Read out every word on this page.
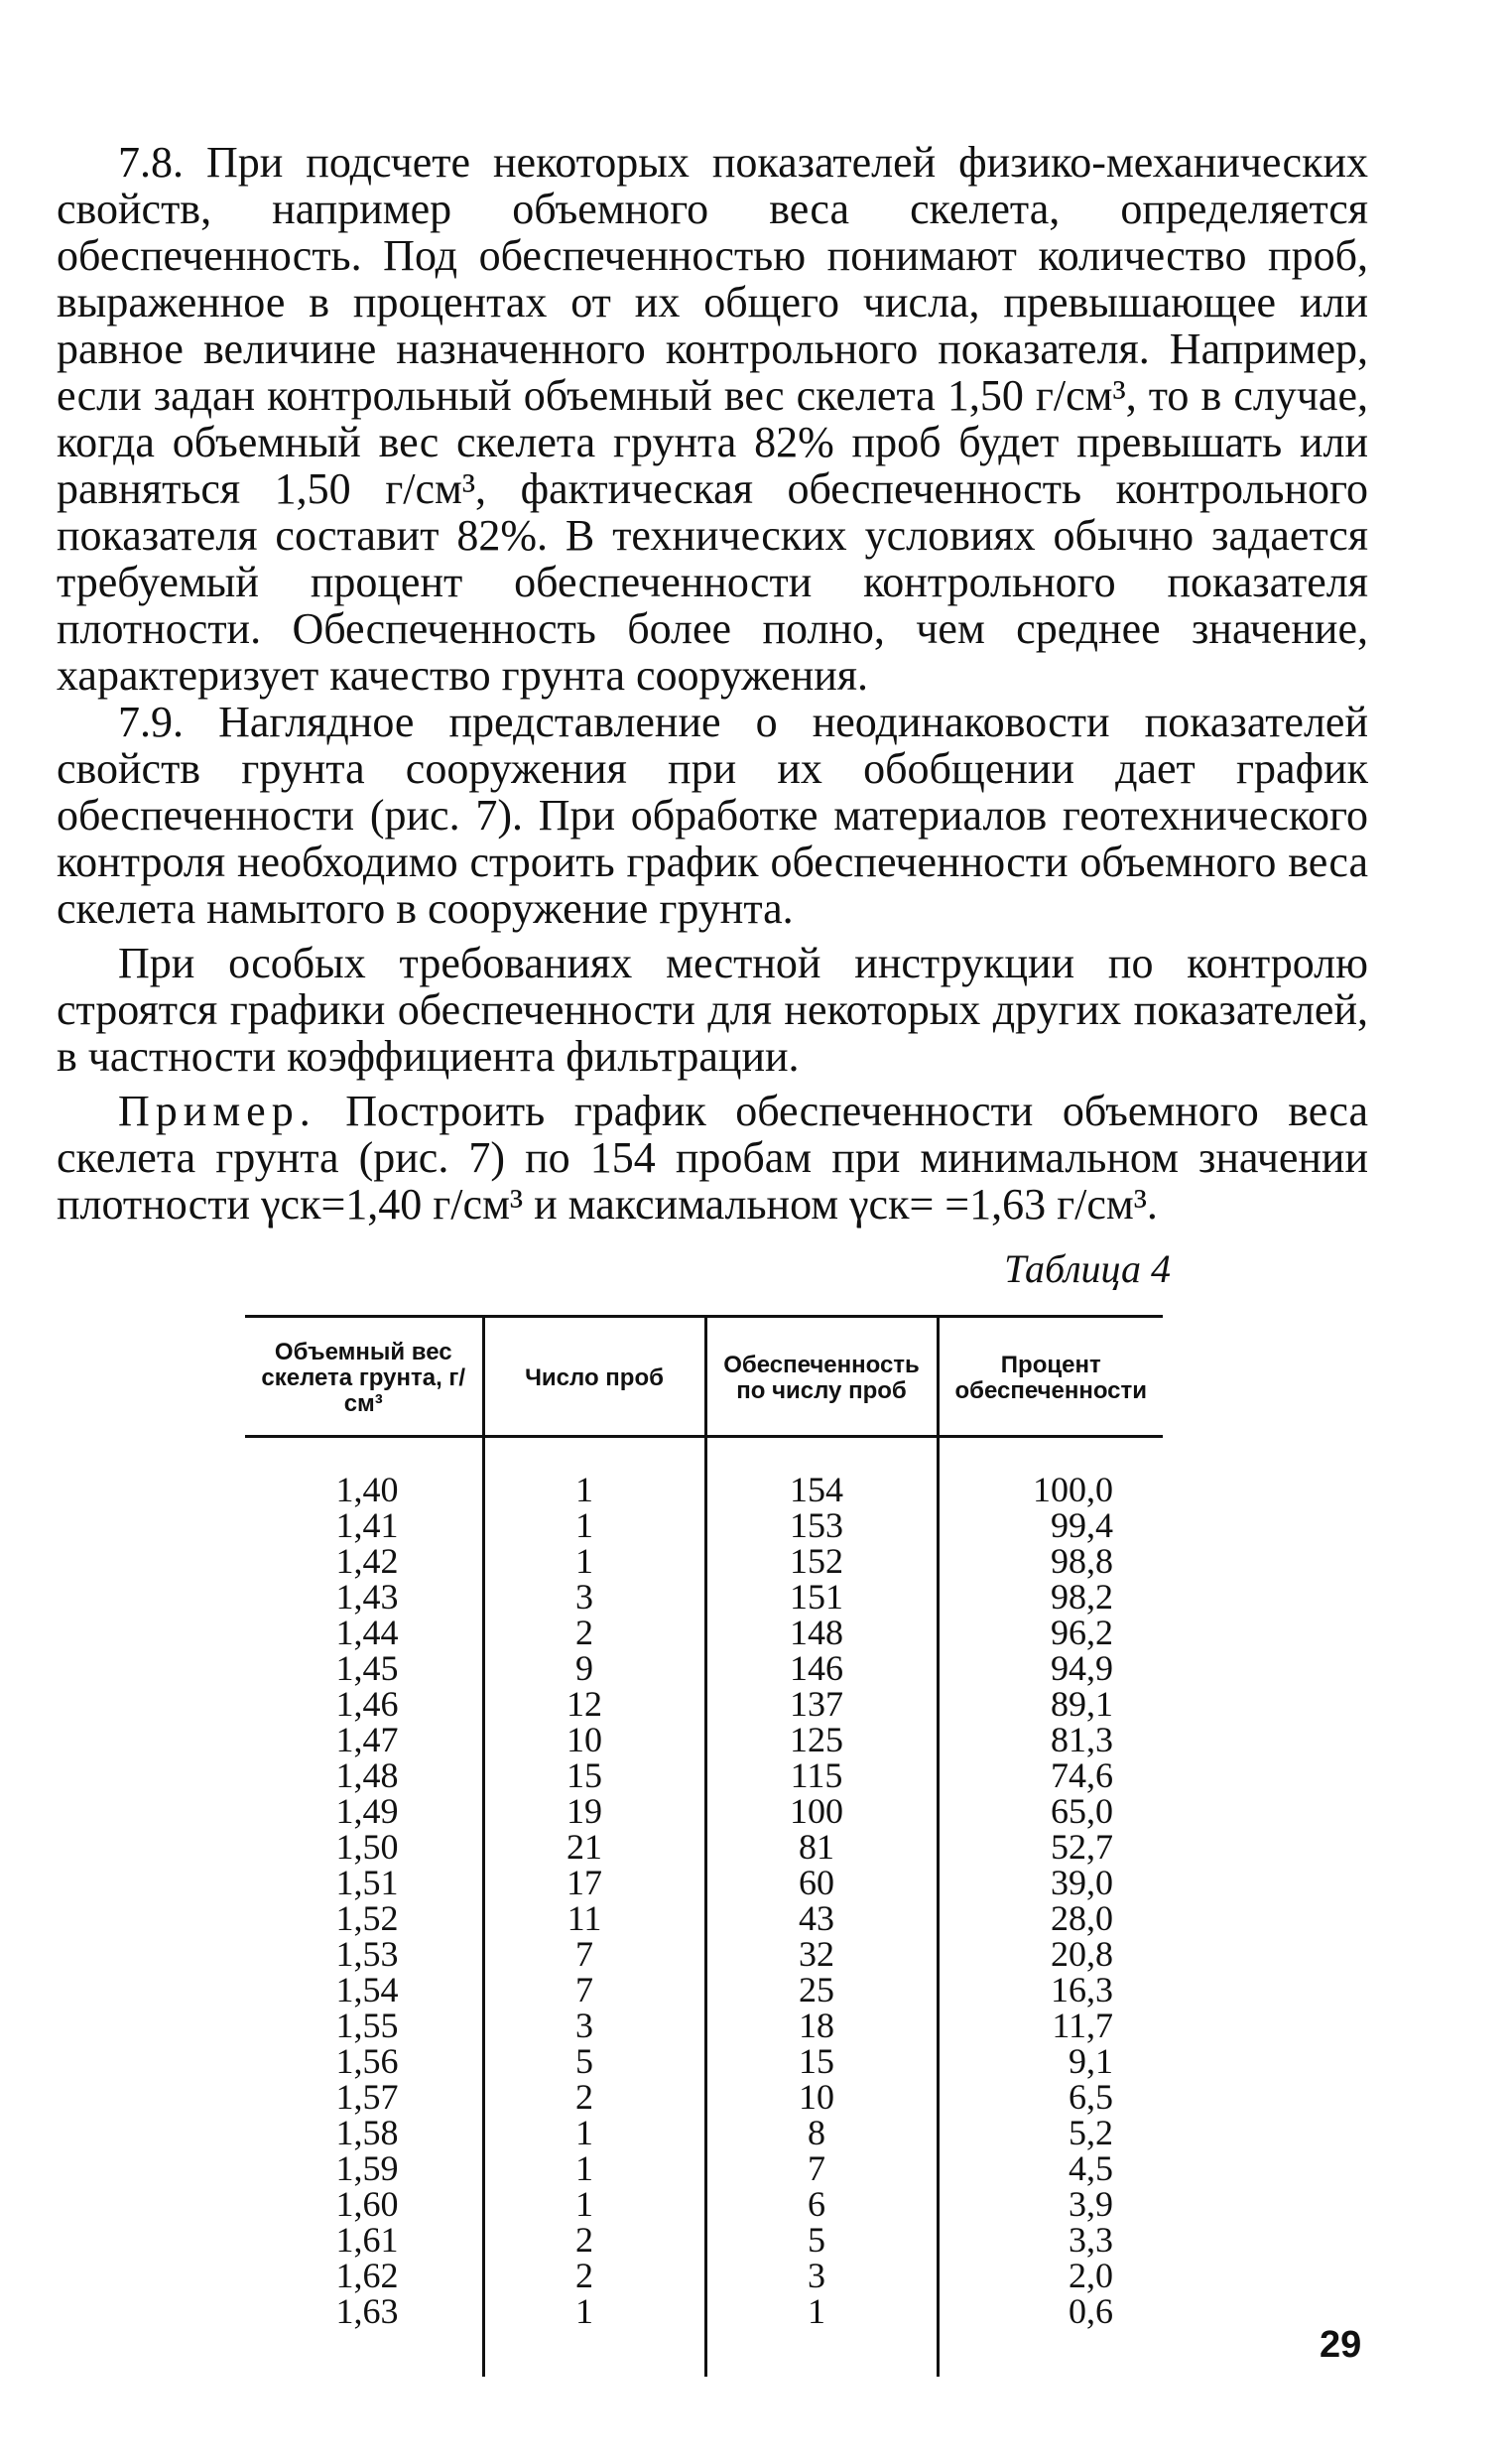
7.8. При подсчете некоторых показателей физико-механических свойств, например объемного веса скелета, определяется обеспеченность. Под обеспеченностью понимают количество проб, выраженное в процентах от их общего числа, превышающее или равное величине назначенного контрольного показателя. Например, если задан контрольный объемный вес скелета 1,50 г/см³, то в случае, когда объемный вес скелета грунта 82% проб будет превышать или равняться 1,50 г/см³, фактическая обеспеченность контрольного показателя составит 82%. В технических условиях обычно задается требуемый процент обеспеченности контрольного показателя плотности. Обеспеченность более полно, чем среднее значение, характеризует качество грунта сооружения.

7.9. Наглядное представление о неодинаковости показателей свойств грунта сооружения при их обобщении дает график обеспеченности (рис. 7). При обработке материалов геотехнического контроля необходимо строить график обеспеченности объемного веса скелета намытого в сооружение грунта.

При особых требованиях местной инструкции по контролю строятся графики обеспеченности для некоторых других показателей, в частности коэффициента фильтрации.

Пример. Построить график обеспеченности объемного веса скелета грунта (рис. 7) по 154 пробам при минимальном значении плотности γск=1,40 г/см³ и максимальном γск= =1,63 г/см³.

Таблица 4
Объемный вес скелета грунта, г/см³	Число проб	Обеспеченность по числу проб	Процент обеспеченности
1,40	1	154	100,0
1,41	1	153	99,4
1,42	1	152	98,8
1,43	3	151	98,2
1,44	2	148	96,2
1,45	9	146	94,9
1,46	12	137	89,1
1,47	10	125	81,3
1,48	15	115	74,6
1,49	19	100	65,0
1,50	21	81	52,7
1,51	17	60	39,0
1,52	11	43	28,0
1,53	7	32	20,8
1,54	7	25	16,3
1,55	3	18	11,7
1,56	5	15	9,1
1,57	2	10	6,5
1,58	1	8	5,2
1,59	1	7	4,5
1,60	1	6	3,9
1,61	2	5	3,3
1,62	2	3	2,0
1,63	1	1	0,6
29
